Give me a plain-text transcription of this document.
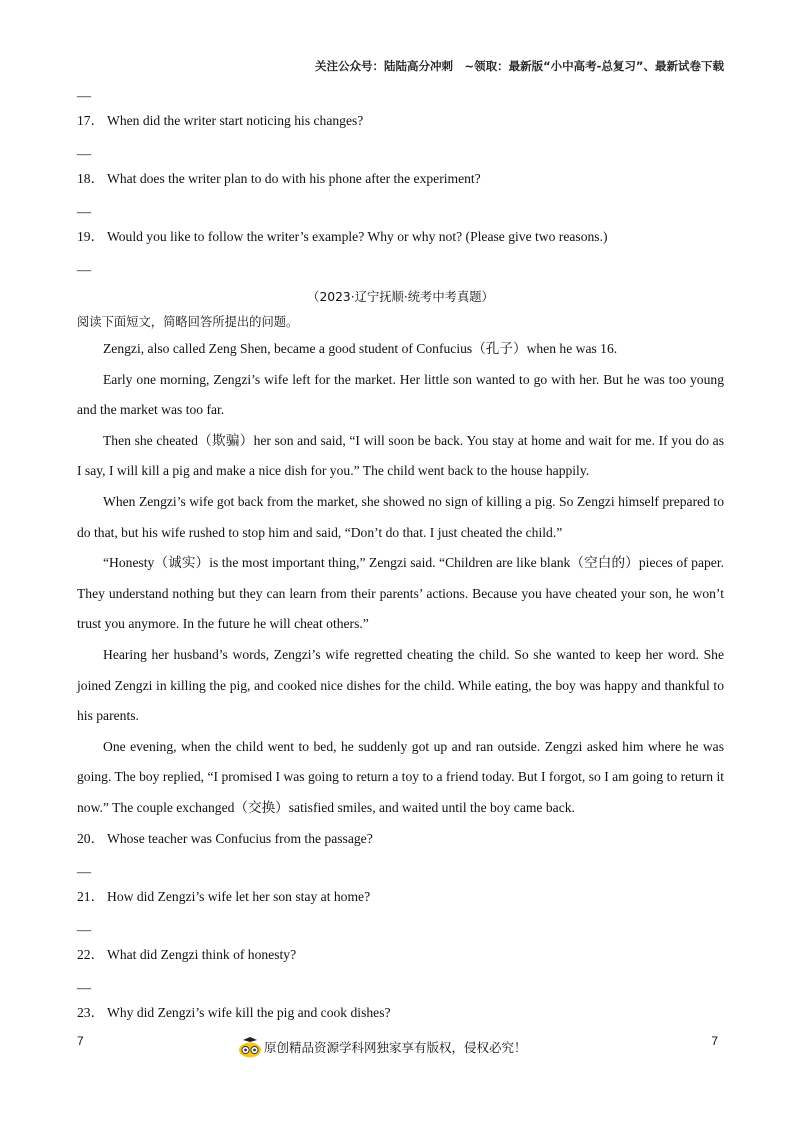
关注公众号：陆陆高分冲刺　~领取：最新版“小中高考-总复习”、最新试卷下载
—
17． When did the writer start noticing his changes?
—
18． What does the writer plan to do with his phone after the experiment?
—
19． Would you like to follow the writer’s example? Why or why not? (Please give two reasons.)
—
（2023·辽宁抚顺·统考中考真题）
阅读下面短文，简略回答所提出的问题。

Zengzi, also called Zeng Shen, became a good student of Confucius（孔子）when he was 16.

Early one morning, Zengzi’s wife left for the market. Her little son wanted to go with her. But he was too young and the market was too far.

Then she cheated（欺骗）her son and said, “I will soon be back. You stay at home and wait for me. If you do as I say, I will kill a pig and make a nice dish for you.” The child went back to the house happily.

When Zengzi’s wife got back from the market, she showed no sign of killing a pig. So Zengzi himself prepared to do that, but his wife rushed to stop him and said, “Don’t do that. I just cheated the child.”

“Honesty（诚实）is the most important thing,” Zengzi said. “Children are like blank（空白的）pieces of paper. They understand nothing but they can learn from their parents’ actions. Because you have cheated your son, he won’t trust you anymore. In the future he will cheat others.”

Hearing her husband’s words, Zengzi’s wife regretted cheating the child. So she wanted to keep her word. She joined Zengzi in killing the pig, and cooked nice dishes for the child. While eating, the boy was happy and thankful to his parents.

One evening, when the child went to bed, he suddenly got up and ran outside. Zengzi asked him where he was going. The boy replied, “I promised I was going to return a toy to a friend today. But I forgot, so I am going to return it now.” The couple exchanged（交换）satisfied smiles, and waited until the boy came back.

20． Whose teacher was Confucius from the passage?
—
21． How did Zengzi’s wife let her son stay at home?
—
22． What did Zengzi think of honesty?
—
23． Why did Zengzi’s wife kill the pig and cook dishes?
7	原创精品资源学科网独家享有版权，侵权必究！	7
